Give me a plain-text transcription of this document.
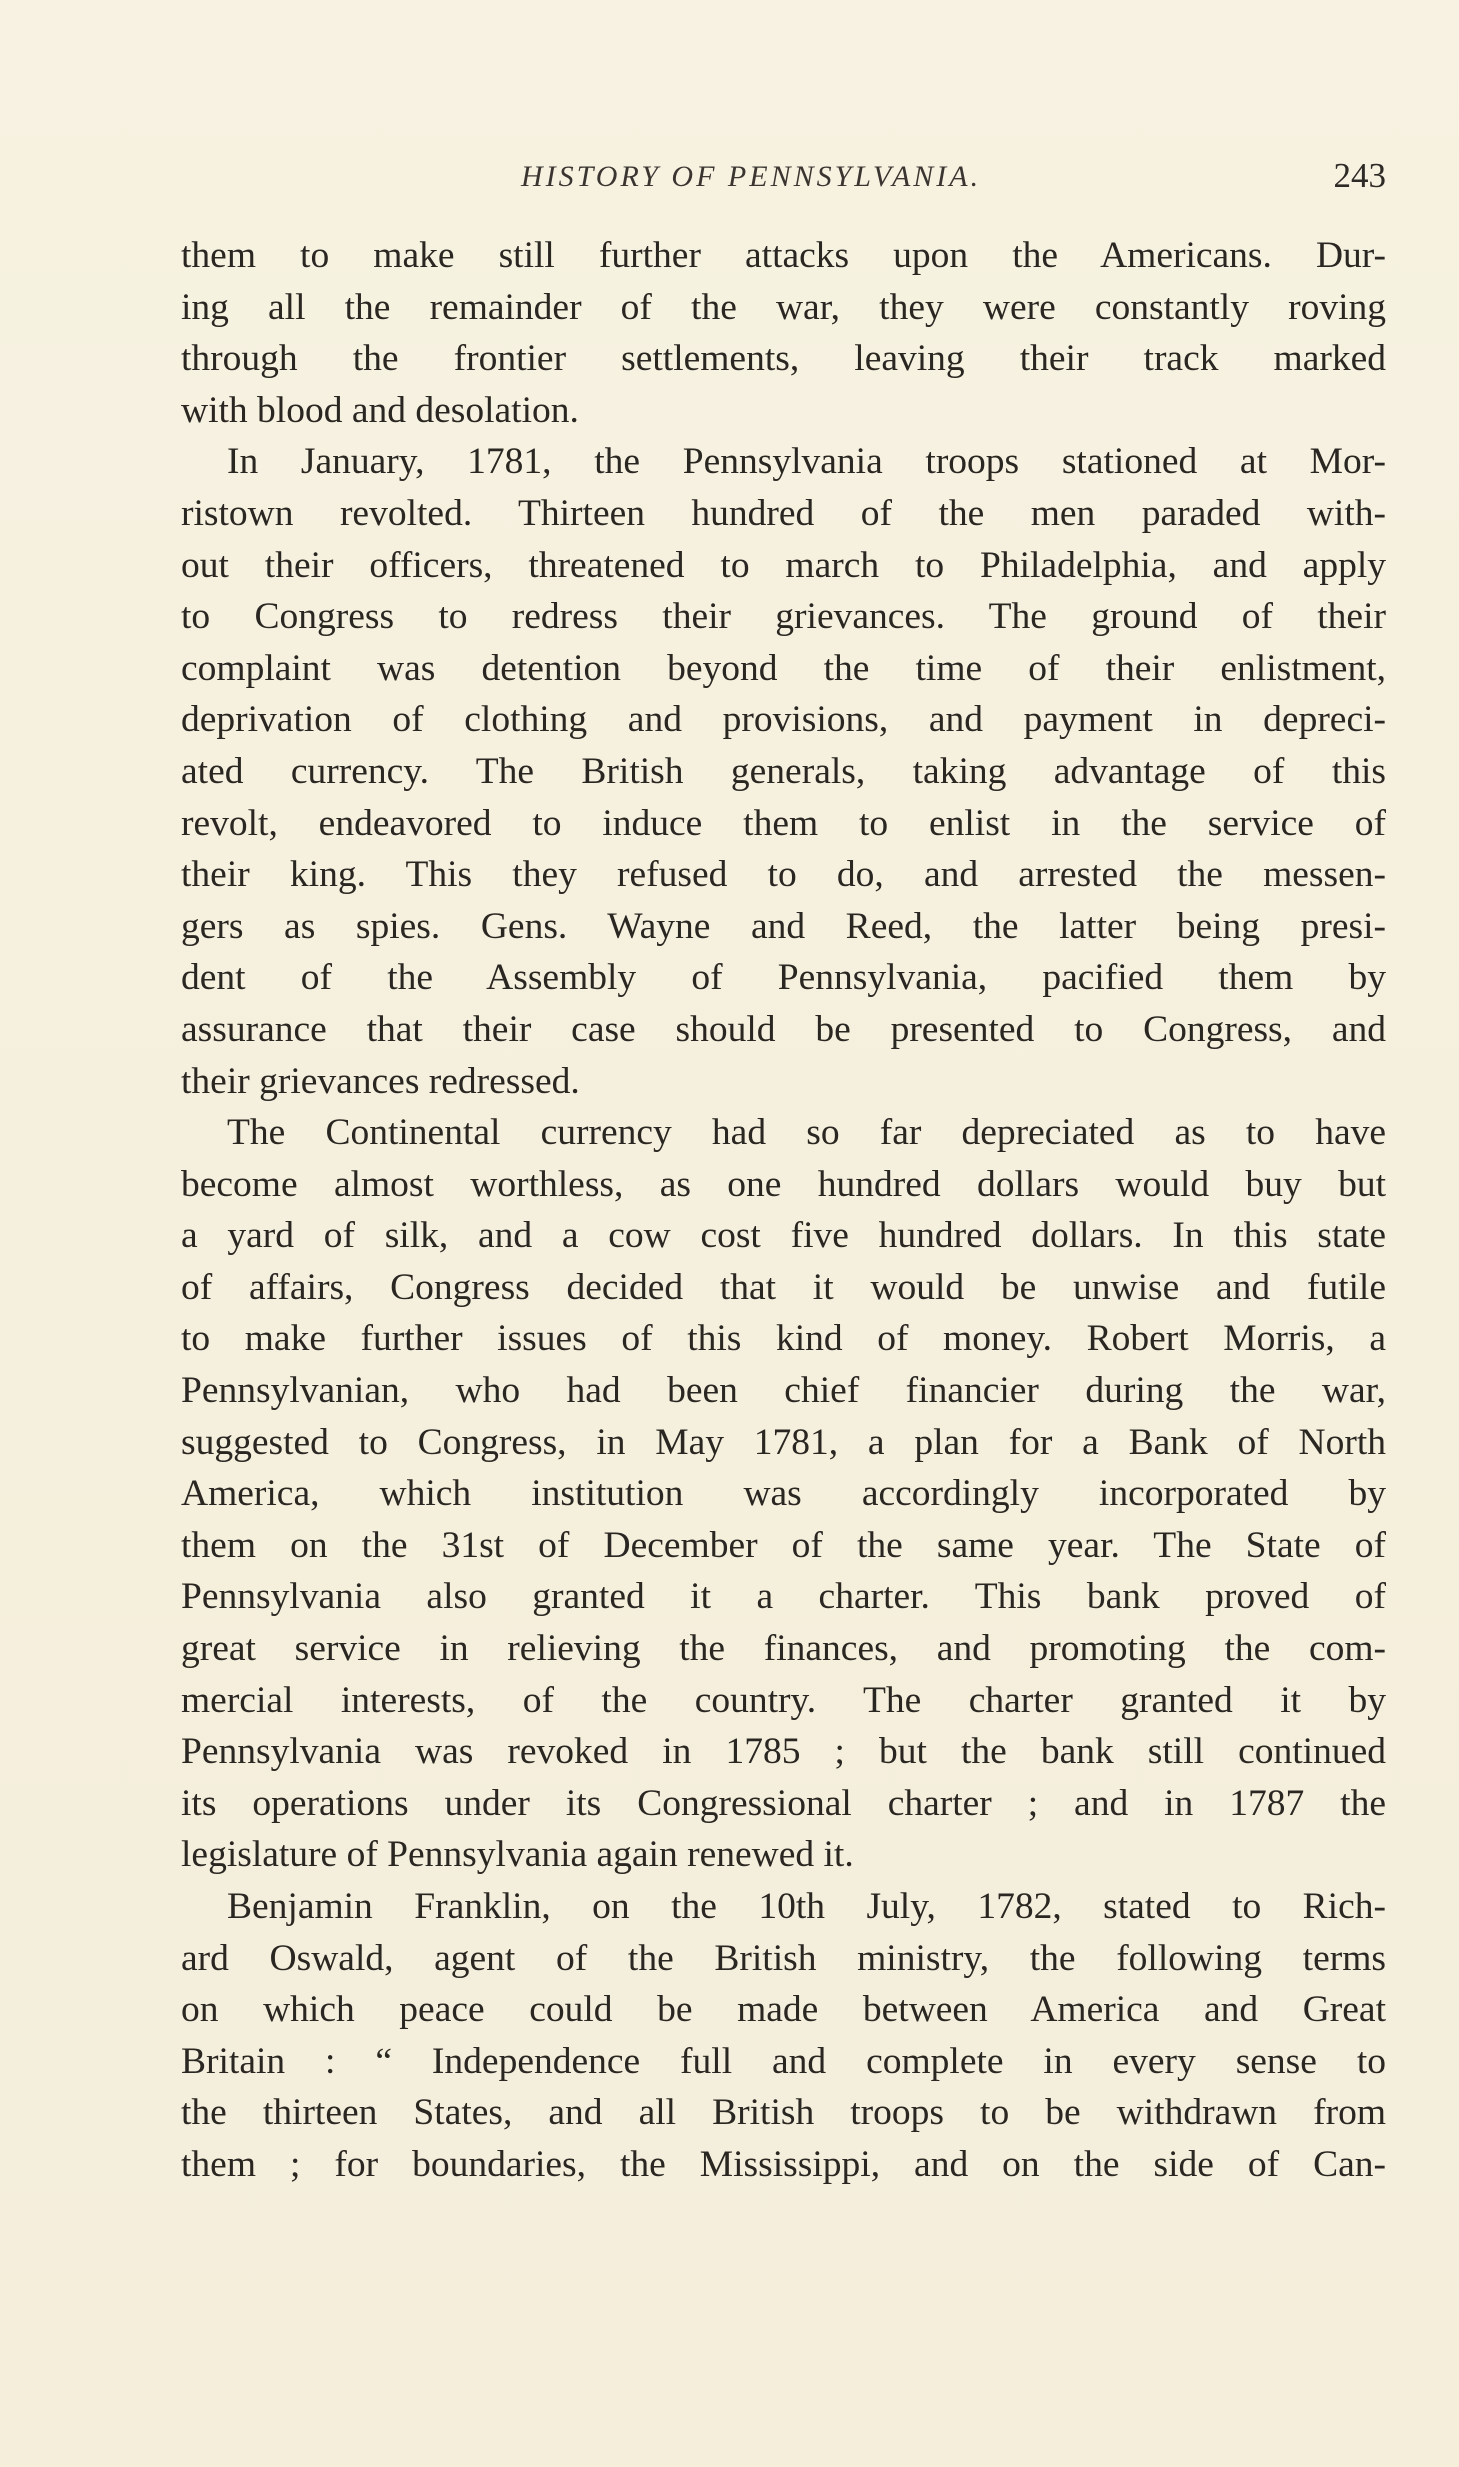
HISTORY OF PENNSYLVANIA.	243
them to make still further attacks upon the Americans. Dur-
ing all the remainder of the war, they were constantly roving
through the frontier settlements, leaving their track marked
with blood and desolation.
In January, 1781, the Pennsylvania troops stationed at Mor-
ristown revolted. Thirteen hundred of the men paraded with-
out their officers, threatened to march to Philadelphia, and apply
to Congress to redress their grievances. The ground of their
complaint was detention beyond the time of their enlistment,
deprivation of clothing and provisions, and payment in depreci-
ated currency. The British generals, taking advantage of this
revolt, endeavored to induce them to enlist in the service of
their king. This they refused to do, and arrested the messen-
gers as spies. Gens. Wayne and Reed, the latter being presi-
dent of the Assembly of Pennsylvania, pacified them by
assurance that their case should be presented to Congress, and
their grievances redressed.
The Continental currency had so far depreciated as to have
become almost worthless, as one hundred dollars would buy but
a yard of silk, and a cow cost five hundred dollars. In this state
of affairs, Congress decided that it would be unwise and futile
to make further issues of this kind of money. Robert Morris, a
Pennsylvanian, who had been chief financier during the war,
suggested to Congress, in May 1781, a plan for a Bank of North
America, which institution was accordingly incorporated by
them on the 31st of December of the same year. The State of
Pennsylvania also granted it a charter. This bank proved of
great service in relieving the finances, and promoting the com-
mercial interests, of the country. The charter granted it by
Pennsylvania was revoked in 1785 ; but the bank still continued
its operations under its Congressional charter ; and in 1787 the
legislature of Pennsylvania again renewed it.
Benjamin Franklin, on the 10th July, 1782, stated to Rich-
ard Oswald, agent of the British ministry, the following terms
on which peace could be made between America and Great
Britain : “ Independence full and complete in every sense to
the thirteen States, and all British troops to be withdrawn from
them ; for boundaries, the Mississippi, and on the side of Can-
